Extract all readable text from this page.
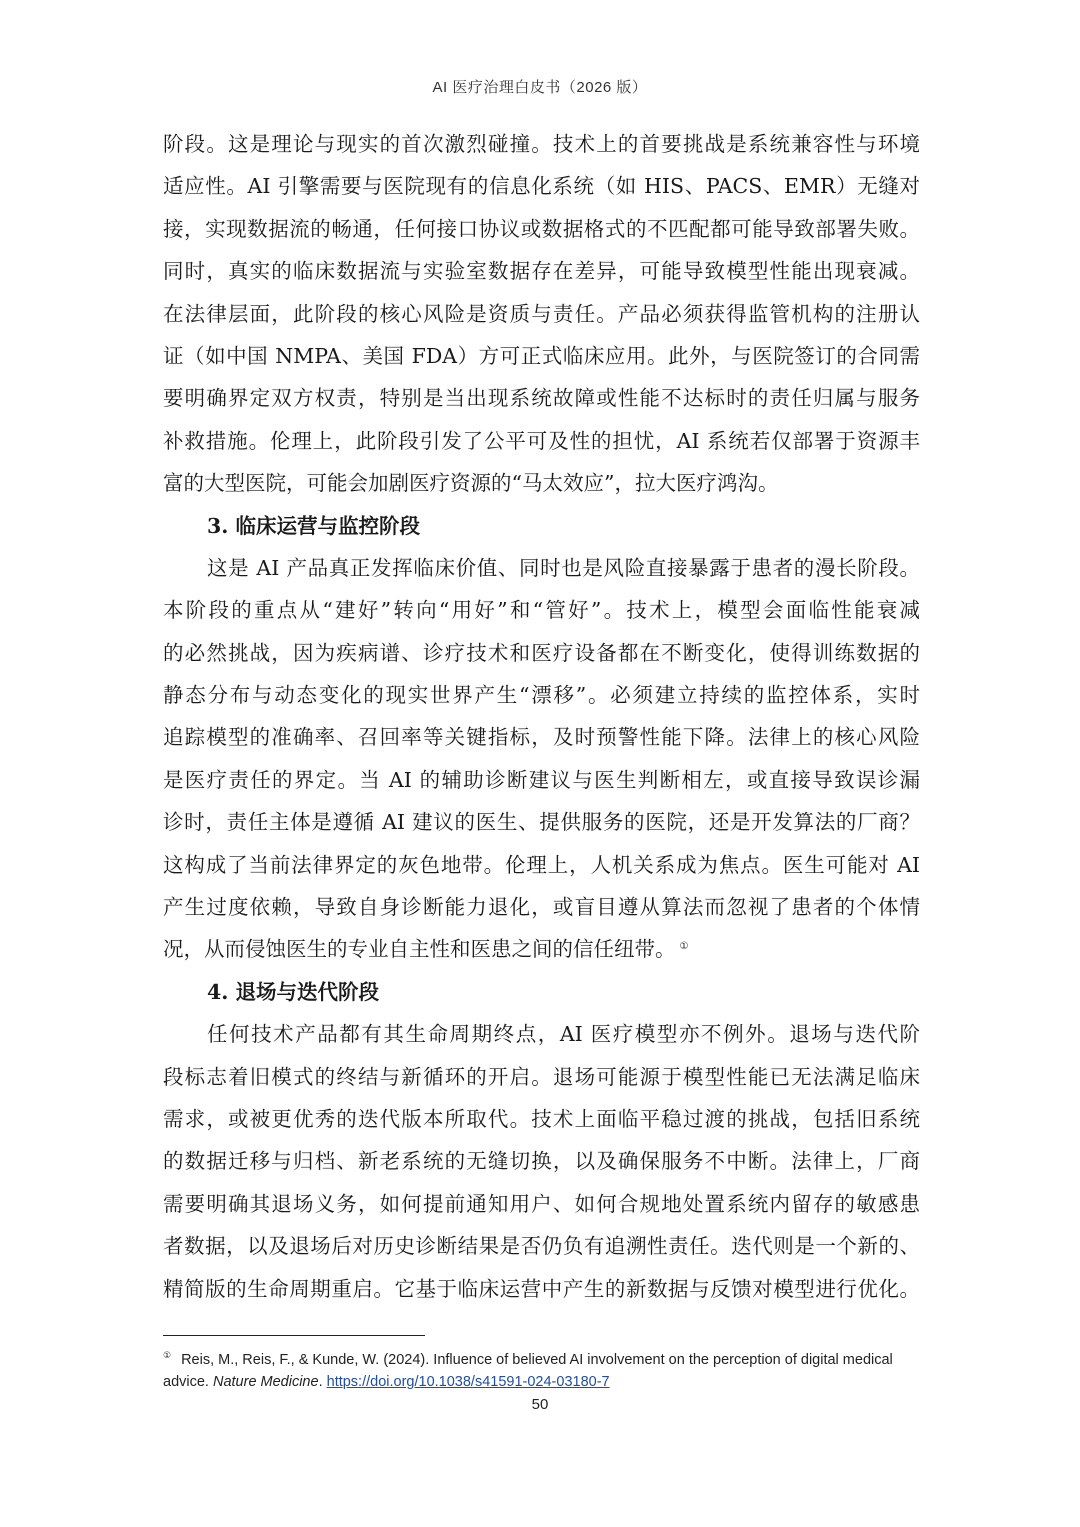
AI 医疗治理白皮书（2026 版）
阶段。这是理论与现实的首次激烈碰撞。技术上的首要挑战是系统兼容性与环境
适应性。AI 引擎需要与医院现有的信息化系统（如 HIS、PACS、EMR）无缝对
接，实现数据流的畅通，任何接口协议或数据格式的不匹配都可能导致部署失败。
同时，真实的临床数据流与实验室数据存在差异，可能导致模型性能出现衰减。
在法律层面，此阶段的核心风险是资质与责任。产品必须获得监管机构的注册认
证（如中国 NMPA、美国 FDA）方可正式临床应用。此外，与医院签订的合同需
要明确界定双方权责，特别是当出现系统故障或性能不达标时的责任归属与服务
补救措施。伦理上，此阶段引发了公平可及性的担忧，AI 系统若仅部署于资源丰
富的大型医院，可能会加剧医疗资源的“马太效应”，拉大医疗鸿沟。
3. 临床运营与监控阶段
这是 AI 产品真正发挥临床价值、同时也是风险直接暴露于患者的漫长阶段。
本阶段的重点从“建好”转向“用好”和“管好”。技术上，模型会面临性能衰减
的必然挑战，因为疾病谱、诊疗技术和医疗设备都在不断变化，使得训练数据的
静态分布与动态变化的现实世界产生“漂移”。必须建立持续的监控体系，实时
追踪模型的准确率、召回率等关键指标，及时预警性能下降。法律上的核心风险
是医疗责任的界定。当 AI 的辅助诊断建议与医生判断相左，或直接导致误诊漏
诊时，责任主体是遵循 AI 建议的医生、提供服务的医院，还是开发算法的厂商？
这构成了当前法律界定的灰色地带。伦理上，人机关系成为焦点。医生可能对 AI
产生过度依赖，导致自身诊断能力退化，或盲目遵从算法而忽视了患者的个体情
况，从而侵蚀医生的专业自主性和医患之间的信任纽带。 ①
4. 退场与迭代阶段
任何技术产品都有其生命周期终点，AI 医疗模型亦不例外。退场与迭代阶
段标志着旧模式的终结与新循环的开启。退场可能源于模型性能已无法满足临床
需求，或被更优秀的迭代版本所取代。技术上面临平稳过渡的挑战，包括旧系统
的数据迁移与归档、新老系统的无缝切换，以及确保服务不中断。法律上，厂商
需要明确其退场义务，如何提前通知用户、如何合规地处置系统内留存的敏感患
者数据，以及退场后对历史诊断结果是否仍负有追溯性责任。迭代则是一个新的、
精简版的生命周期重启。它基于临床运营中产生的新数据与反馈对模型进行优化。
① Reis, M., Reis, F., & Kunde, W. (2024). Influence of believed AI involvement on the perception of digital medical advice. Nature Medicine. https://doi.org/10.1038/s41591-024-03180-7
50
